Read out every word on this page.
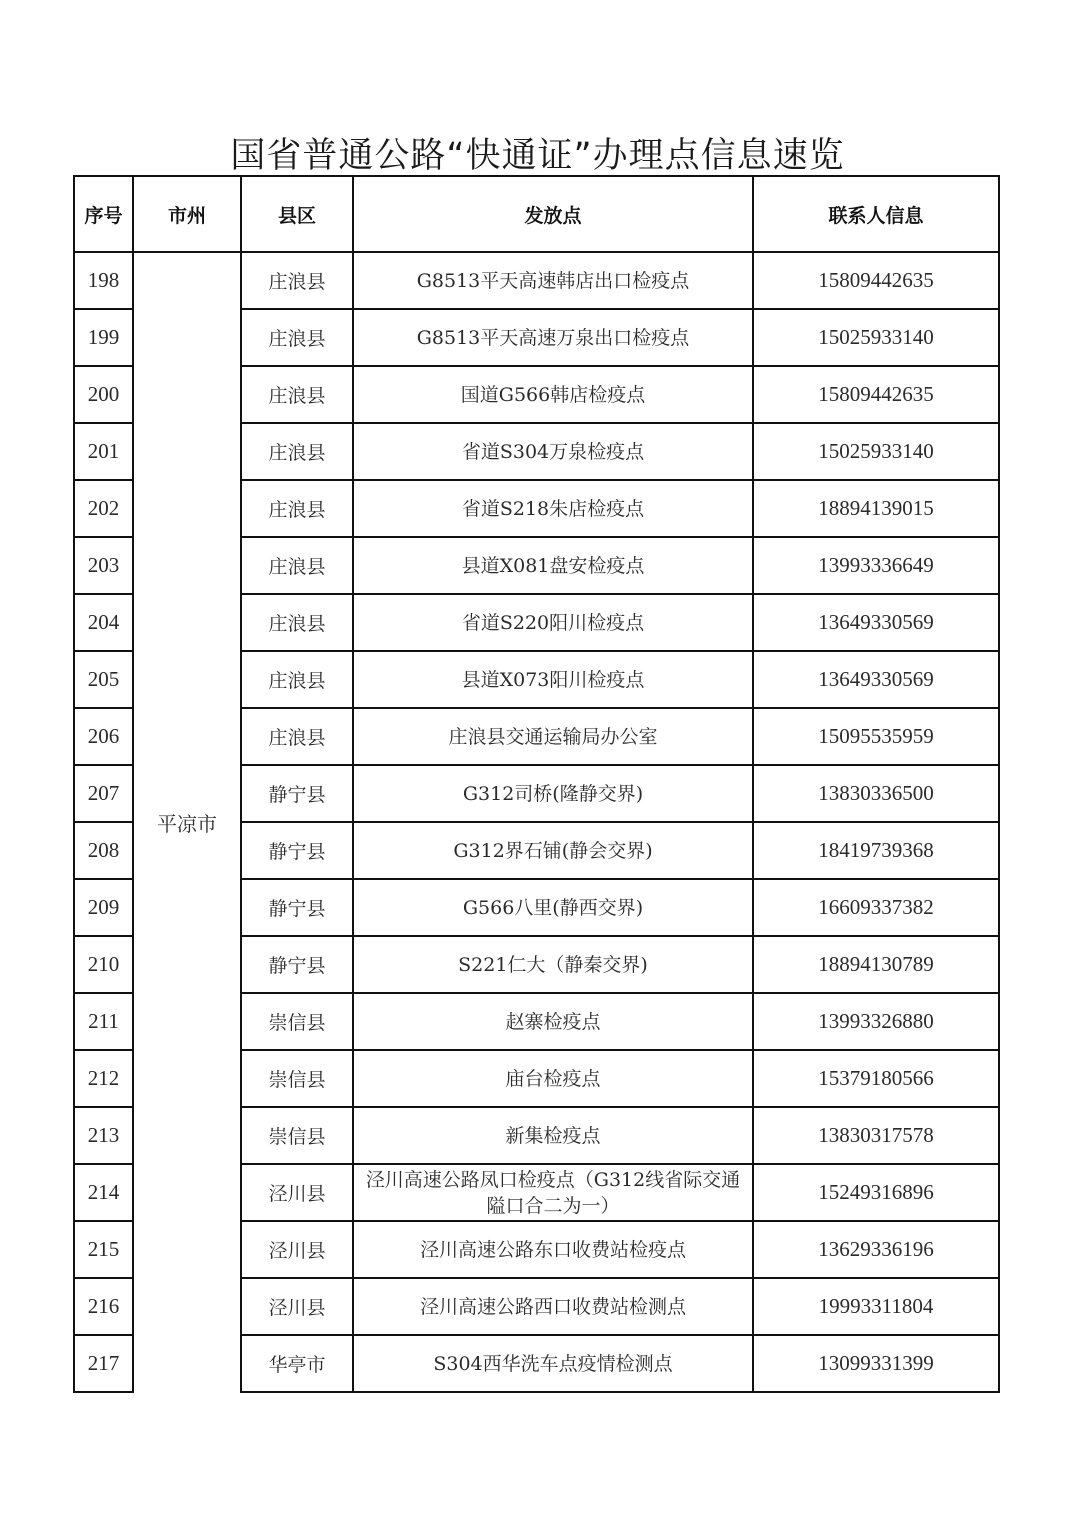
国省普通公路“快通证”办理点信息速览
序号	市州	县区	发放点	联系人信息
198	平凉市	庄浪县	G8513平天高速韩店出口检疫点	15809442635
199		庄浪县	G8513平天高速万泉出口检疫点	15025933140
200		庄浪县	国道G566韩店检疫点	15809442635
201		庄浪县	省道S304万泉检疫点	15025933140
202		庄浪县	省道S218朱店检疫点	18894139015
203		庄浪县	县道X081盘安检疫点	13993336649
204		庄浪县	省道S220阳川检疫点	13649330569
205		庄浪县	县道X073阳川检疫点	13649330569
206		庄浪县	庄浪县交通运输局办公室	15095535959
207		静宁县	G312司桥(隆静交界)	13830336500
208		静宁县	G312界石铺(静会交界)	18419739368
209		静宁县	G566八里(静西交界)	16609337382
210		静宁县	S221仁大（静秦交界)	18894130789
211		崇信县	赵寨检疫点	13993326880
212		崇信县	庙台检疫点	15379180566
213		崇信县	新集检疫点	13830317578
214		泾川县	泾川高速公路凤口检疫点（G312线省际交通隘口合二为一）	15249316896
215		泾川县	泾川高速公路东口收费站检疫点	13629336196
216		泾川县	泾川高速公路西口收费站检测点	19993311804
217		华亭市	S304西华洗车点疫情检测点	13099331399
